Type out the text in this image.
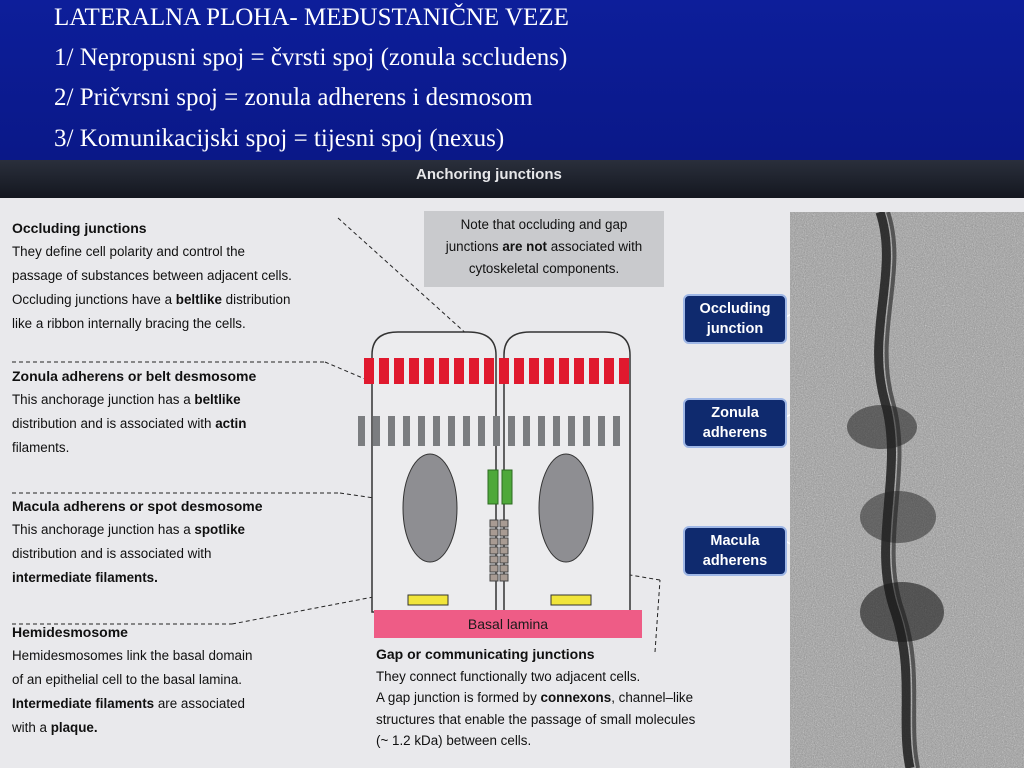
LATERALNA PLOHA- MEĐUSTANIČNE VEZE
1/ Nepropusni spoj = čvrsti spoj (zonula sccludens)
2/ Pričvrsni spoj = zonula adherens i desmosom
3/ Komunikacijski spoj = tijesni spoj (nexus)
Anchoring junctions
Occluding
junction
Zonula
adherens
Macula
adherens
Note that occluding and gap
junctions are not associated with
cytoskeletal components.
Occluding junctions
They define cell polarity and control the
passage of substances between adjacent cells.
Occluding junctions have a beltlike distribution
like a ribbon internally bracing the cells.
Zonula adherens or belt desmosome
This anchorage junction has a beltlike
distribution and is associated with actin
filaments.
Macula adherens or spot desmosome
This anchorage junction has a spotlike
distribution and is associated with
intermediate filaments.
Hemidesmosome
Hemidesmosomes link the basal domain
of an epithelial cell to the basal lamina.
Intermediate filaments are associated
with a plaque.
Basal lamina
Gap or communicating junctions
They connect functionally two adjacent cells.
A gap junction is formed by connexons, channel–like
structures that enable the passage of small molecules
(~ 1.2 kDa) between cells.
